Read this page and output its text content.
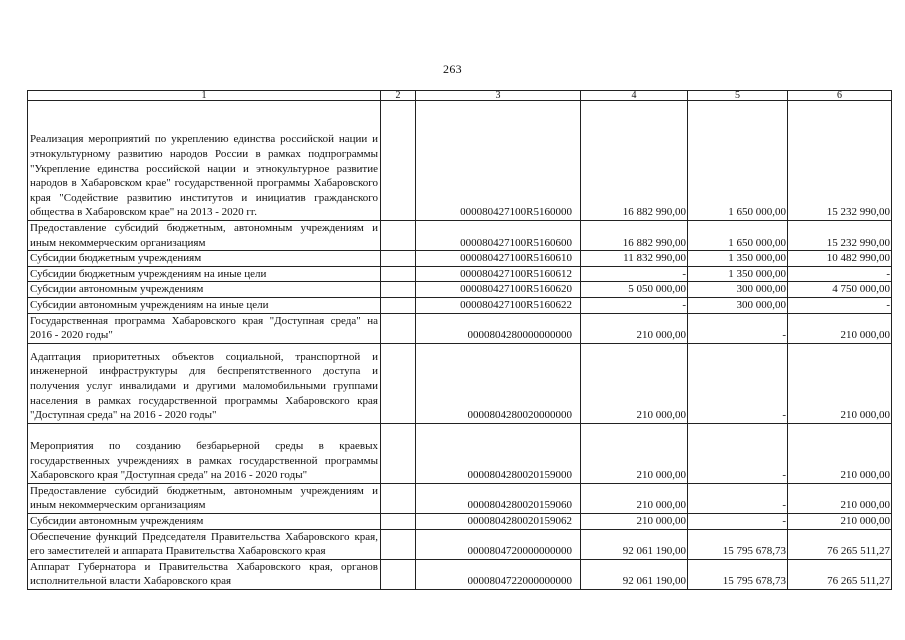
263
1	2	3	4	5	6
Реализация мероприятий по укреплению единства российской нации и этнокультурному развитию народов России в рамках подпрограммы "Укрепление единства российской нации и этнокультурное развитие народов в Хабаровском крае" государственной программы Хабаровского края "Содействие развитию институтов и инициатив гражданского общества в Хабаровском крае" на 2013 - 2020 гг.		000080427100R5160000	16 882 990,00	1 650 000,00	15 232 990,00
Предоставление субсидий бюджетным, автономным учреждениям и иным некоммерческим организациям		000080427100R5160600	16 882 990,00	1 650 000,00	15 232 990,00
Субсидии бюджетным учреждениям		000080427100R5160610	11 832 990,00	1 350 000,00	10 482 990,00
Субсидии бюджетным учреждениям на иные цели		000080427100R5160612	-	1 350 000,00	-
Субсидии автономным учреждениям		000080427100R5160620	5 050 000,00	300 000,00	4 750 000,00
Субсидии автономным учреждениям на иные цели		000080427100R5160622	-	300 000,00	-
Государственная программа Хабаровского края "Доступная среда" на 2016 - 2020 годы"		0000804280000000000	210 000,00	-	210 000,00
Адаптация приоритетных объектов социальной, транспортной и инженерной инфраструктуры для беспрепятственного доступа и получения услуг инвалидами и другими маломобильными группами населения в рамках государственной программы Хабаровского края "Доступная среда" на 2016 - 2020 годы"		0000804280020000000	210 000,00	-	210 000,00
Мероприятия по созданию безбарьерной среды в краевых государственных учреждениях в рамках государственной программы Хабаровского края "Доступная среда" на 2016 - 2020 годы"		0000804280020159000	210 000,00	-	210 000,00
Предоставление субсидий бюджетным, автономным учреждениям и иным некоммерческим организациям		0000804280020159060	210 000,00	-	210 000,00
Субсидии автономным учреждениям		0000804280020159062	210 000,00	-	210 000,00
Обеспечение функций Председателя Правительства Хабаровского края, его заместителей и аппарата Правительства Хабаровского края		0000804720000000000	92 061 190,00	15 795 678,73	76 265 511,27
Аппарат Губернатора и Правительства Хабаровского края, органов исполнительной власти Хабаровского края		0000804722000000000	92 061 190,00	15 795 678,73	76 265 511,27
